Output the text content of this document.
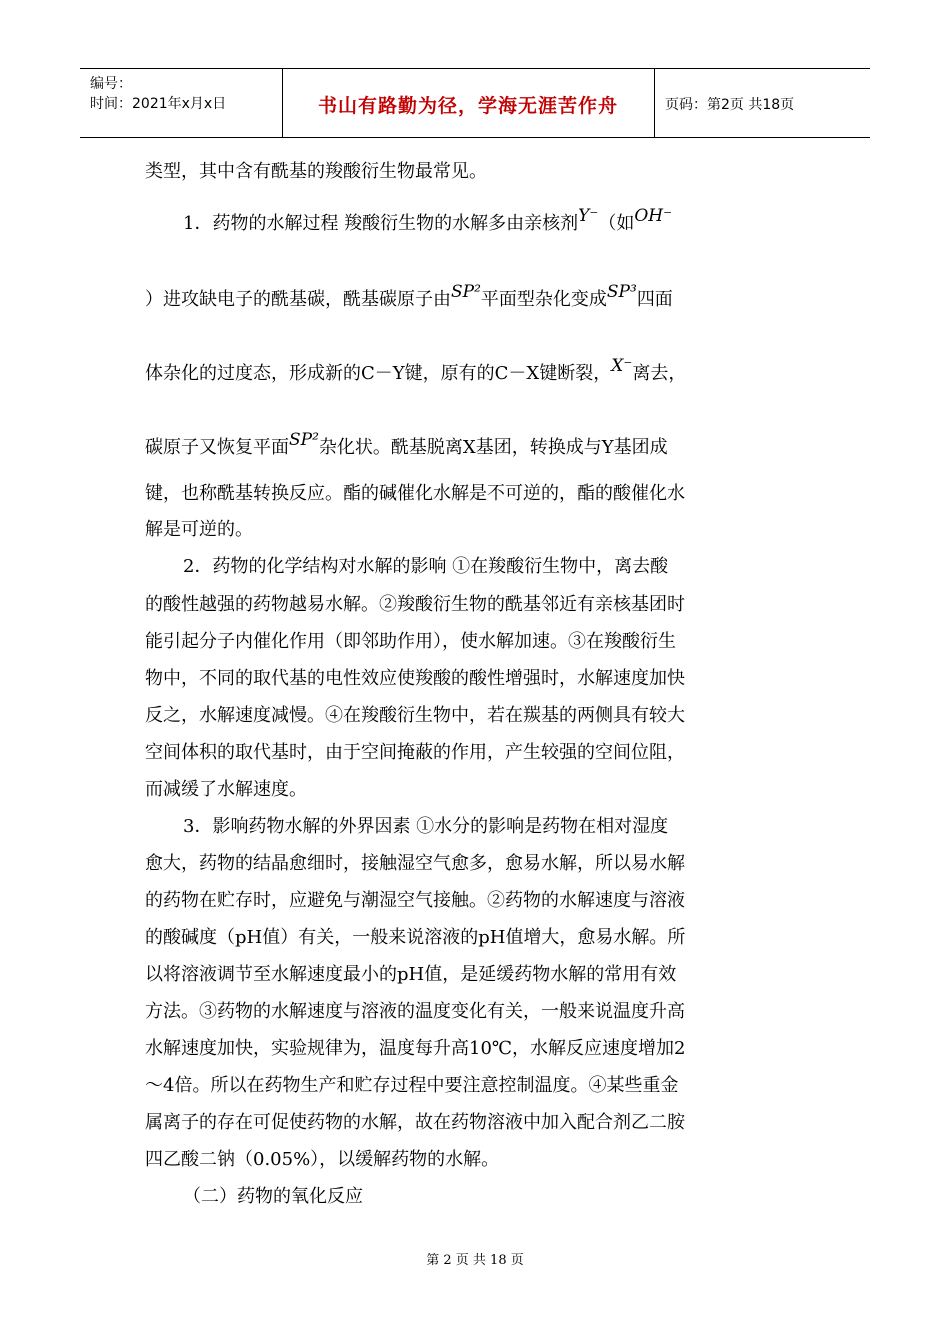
编号：
时间：2021年x月x日	书山有路勤为径，学海无涯苦作舟	页码：第2页 共18页
类型，其中含有酰基的羧酸衍生物最常见。
1．药物的水解过程 羧酸衍生物的水解多由亲核剂Y⁻（如OH⁻
）进攻缺电子的酰基碳，酰基碳原子由SP²平面型杂化变成SP³四面
体杂化的过度态，形成新的C－Y键，原有的C－X键断裂，X⁻离去，
碳原子又恢复平面SP²杂化状。酰基脱离X基团，转换成与Y基团成
键，也称酰基转换反应。酯的碱催化水解是不可逆的，酯的酸催化水
解是可逆的。
2．药物的化学结构对水解的影响 ①在羧酸衍生物中，离去酸
的酸性越强的药物越易水解。②羧酸衍生物的酰基邻近有亲核基团时
能引起分子内催化作用（即邻助作用），使水解加速。③在羧酸衍生
物中，不同的取代基的电性效应使羧酸的酸性增强时，水解速度加快
反之，水解速度减慢。④在羧酸衍生物中，若在羰基的两侧具有较大
空间体积的取代基时，由于空间掩蔽的作用，产生较强的空间位阻，
而减缓了水解速度。
3．影响药物水解的外界因素 ①水分的影响是药物在相对湿度
愈大，药物的结晶愈细时，接触湿空气愈多，愈易水解，所以易水解
的药物在贮存时，应避免与潮湿空气接触。②药物的水解速度与溶液
的酸碱度（pH值）有关，一般来说溶液的pH值增大，愈易水解。所
以将溶液调节至水解速度最小的pH值，是延缓药物水解的常用有效
方法。③药物的水解速度与溶液的温度变化有关，一般来说温度升高
水解速度加快，实验规律为，温度每升高10℃，水解反应速度增加2
～4倍。所以在药物生产和贮存过程中要注意控制温度。④某些重金
属离子的存在可促使药物的水解，故在药物溶液中加入配合剂乙二胺
四乙酸二钠（0.05%），以缓解药物的水解。
（二）药物的氧化反应
第 2 页 共 18 页
